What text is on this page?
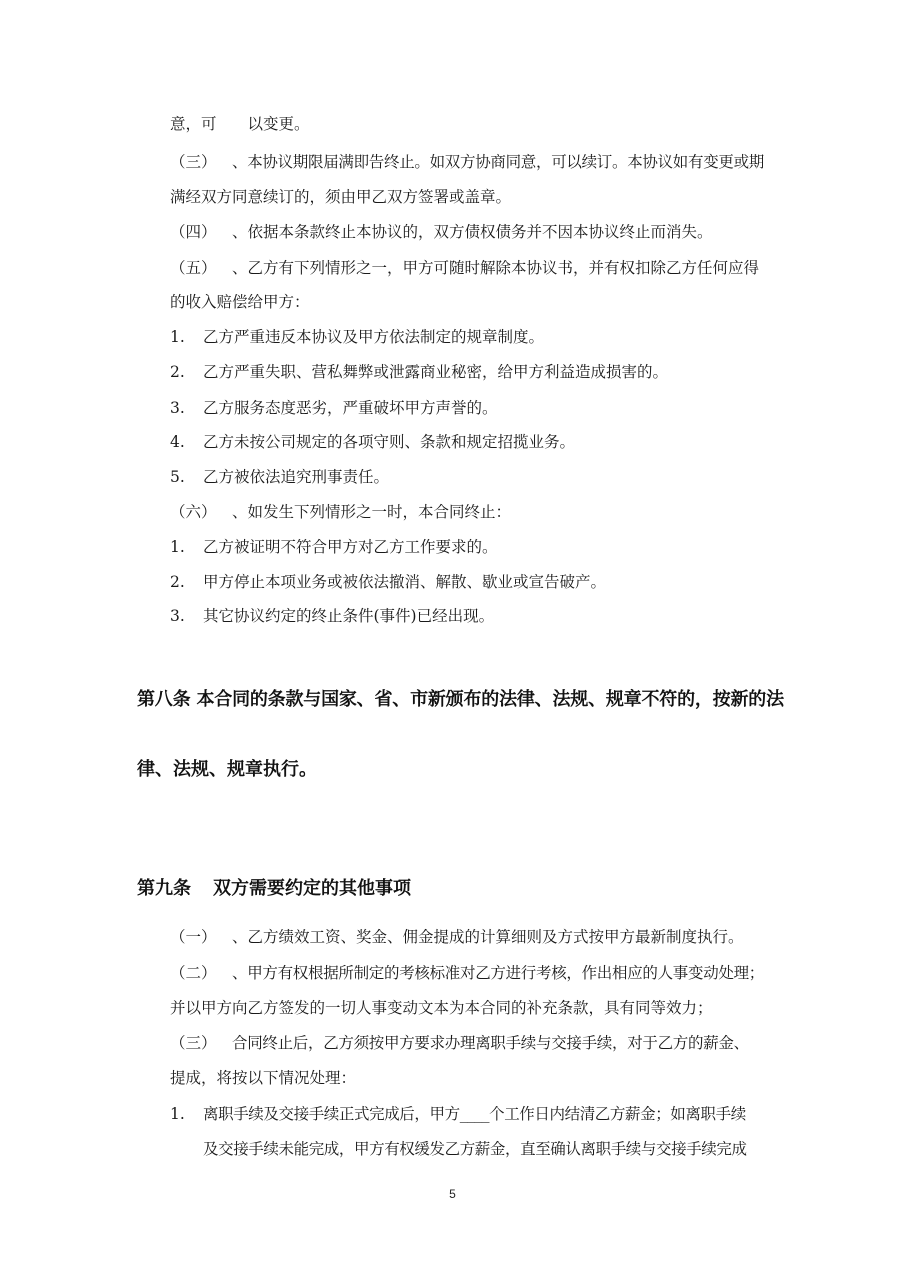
意，可　　以变更。
（三） 、本协议期限届满即告终止。如双方协商同意，可以续订。本协议如有变更或期
满经双方同意续订的，须由甲乙双方签署或盖章。
（四） 、依据本条款终止本协议的，双方债权债务并不因本协议终止而消失。
（五） 、乙方有下列情形之一，甲方可随时解除本协议书，并有权扣除乙方任何应得
的收入赔偿给甲方：
1. 乙方严重违反本协议及甲方依法制定的规章制度。
2. 乙方严重失职、营私舞弊或泄露商业秘密，给甲方利益造成损害的。
3. 乙方服务态度恶劣，严重破坏甲方声誉的。
4. 乙方未按公司规定的各项守则、条款和规定招揽业务。
5. 乙方被依法追究刑事责任。
（六） 、如发生下列情形之一时，本合同终止：
1. 乙方被证明不符合甲方对乙方工作要求的。
2. 甲方停止本项业务或被依法撤消、解散、歇业或宣告破产。
3. 其它协议约定的终止条件(事件)已经出现。
第八条 本合同的条款与国家、省、市新颁布的法律、法规、规章不符的，按新的法
律、法规、规章执行。
第九条 双方需要约定的其他事项
（一） 、乙方绩效工资、奖金、佣金提成的计算细则及方式按甲方最新制度执行。
（二） 、甲方有权根据所制定的考核标准对乙方进行考核，作出相应的人事变动处理；
并以甲方向乙方签发的一切人事变动文本为本合同的补充条款，具有同等效力；
（三） 合同终止后，乙方须按甲方要求办理离职手续与交接手续，对于乙方的薪金、
提成，将按以下情况处理：
1. 离职手续及交接手续正式完成后，甲方____个工作日内结清乙方薪金；如离职手续
及交接手续未能完成，甲方有权缓发乙方薪金，直至确认离职手续与交接手续完成
5
